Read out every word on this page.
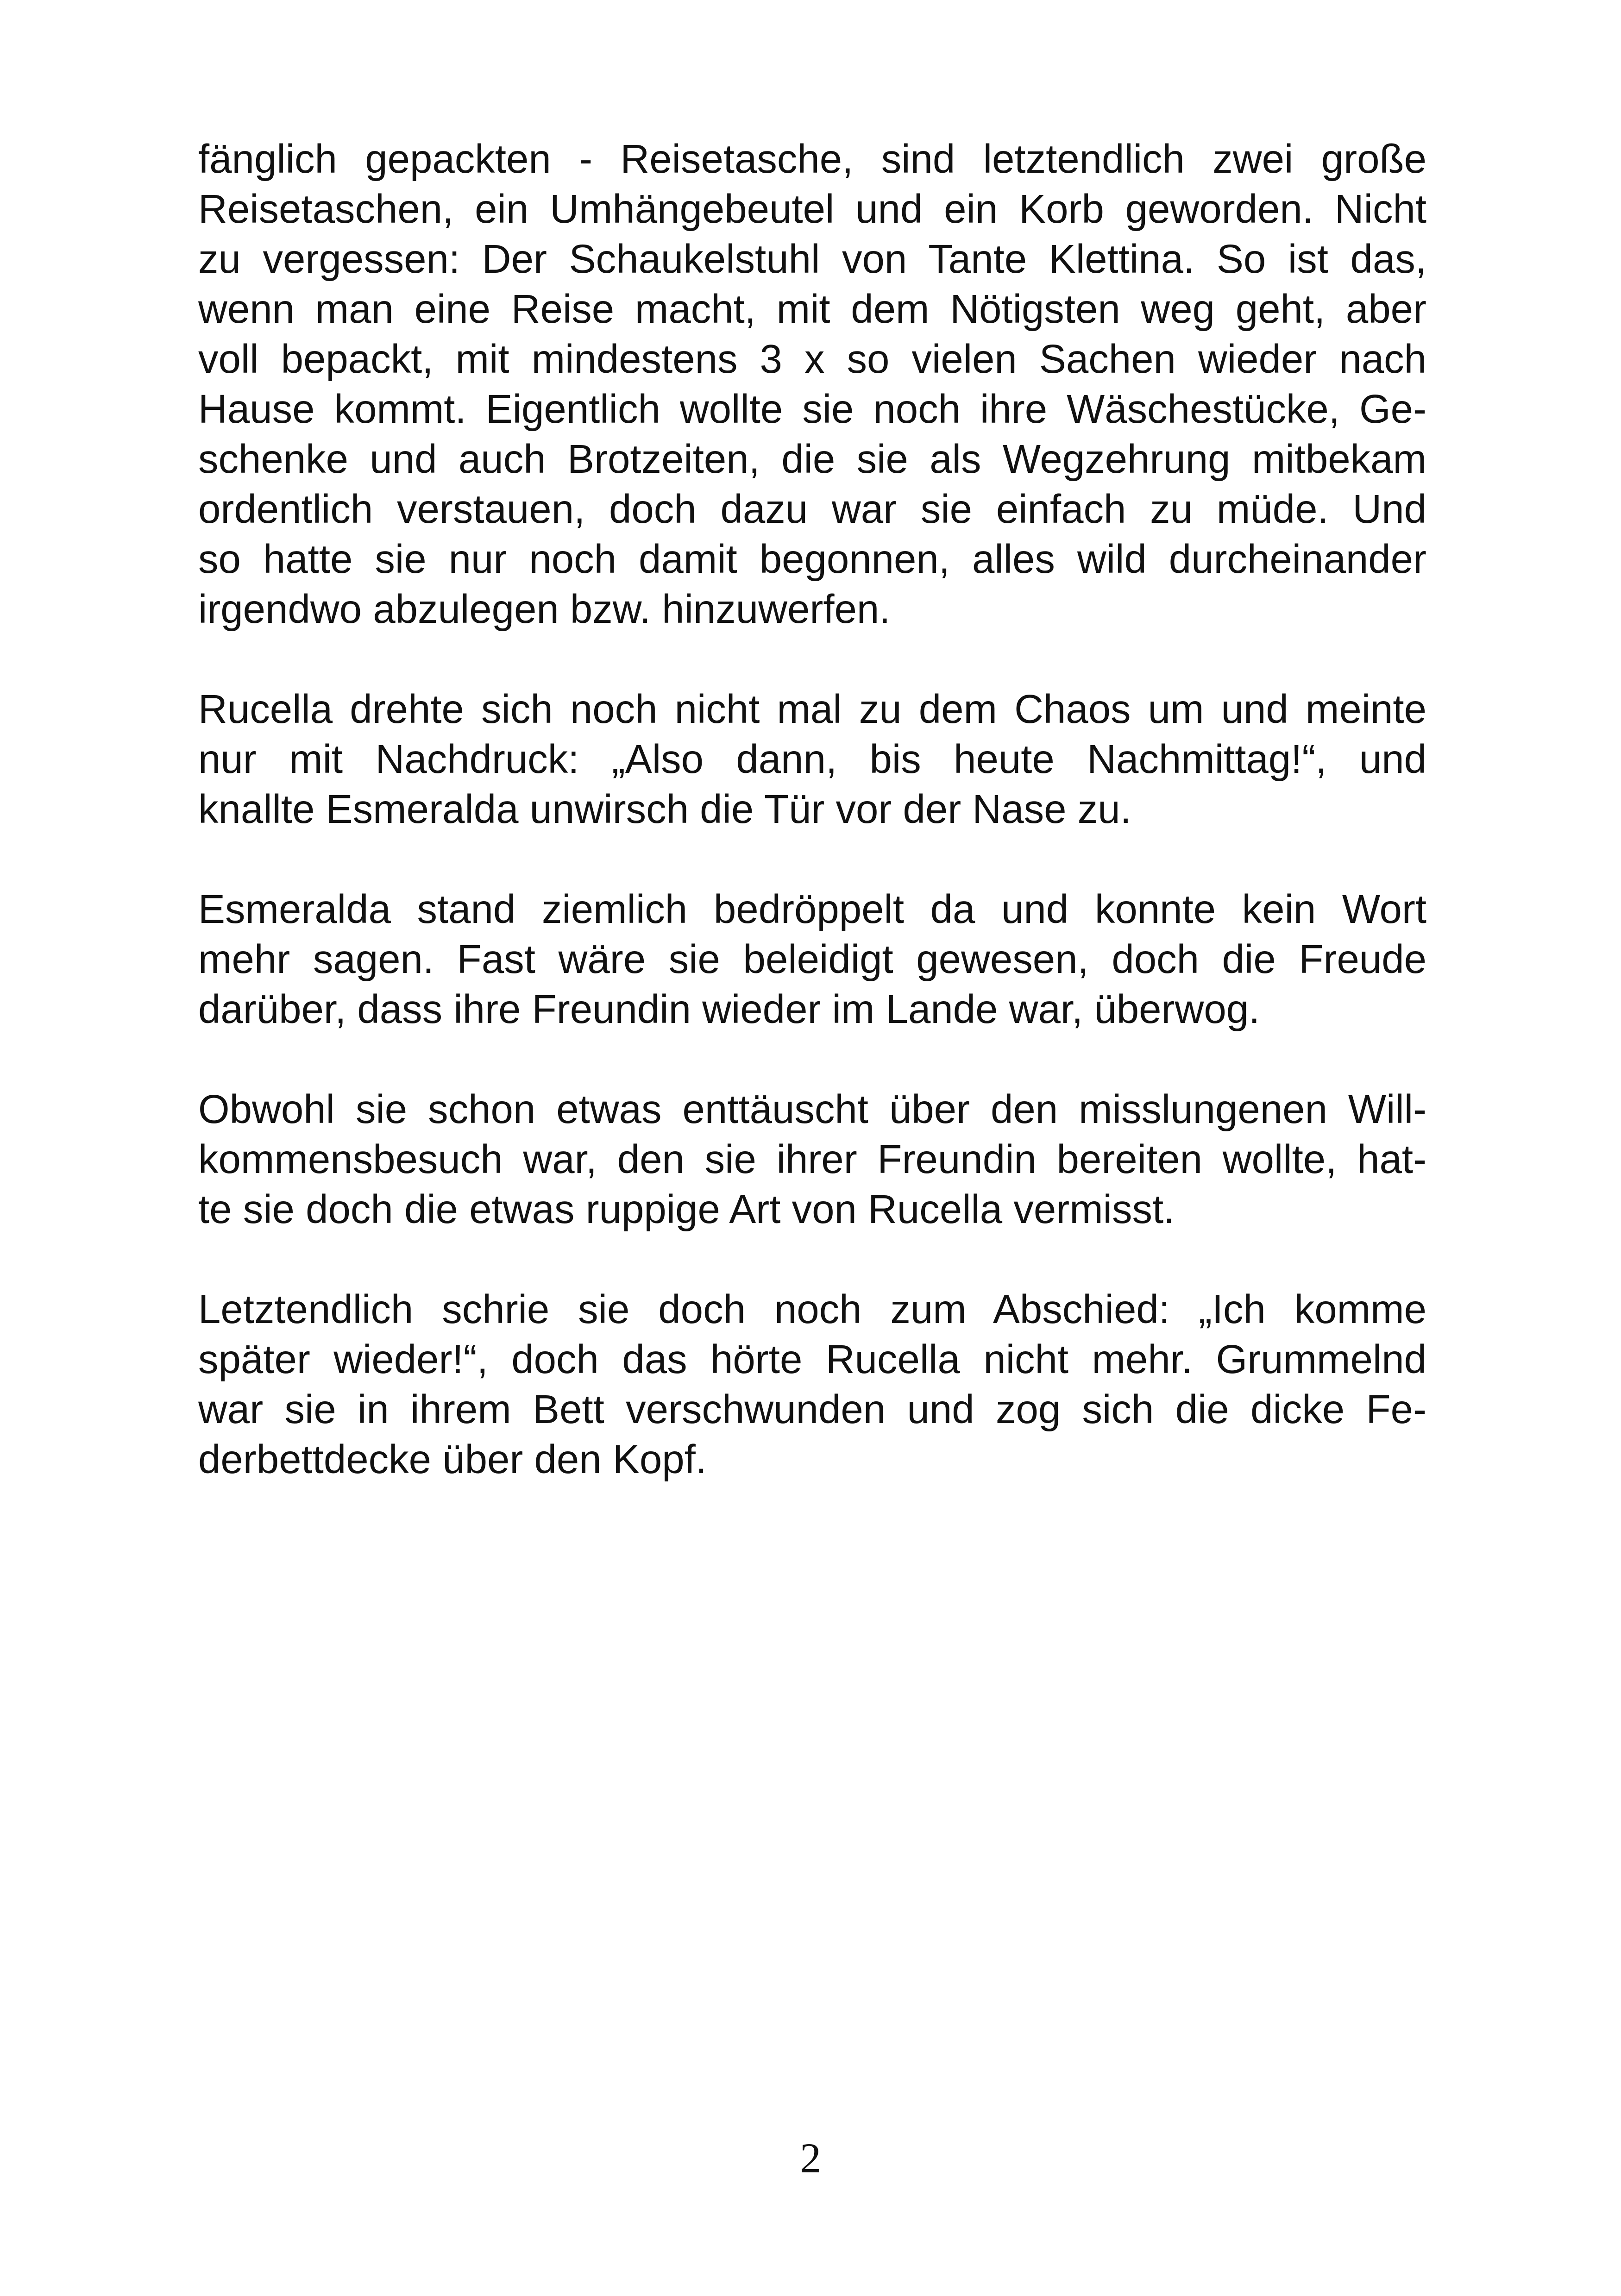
fänglich gepackten - Reisetasche, sind letztendlich zwei große
Reisetaschen, ein Umhängebeutel und ein Korb geworden. Nicht
zu vergessen: Der Schaukelstuhl von Tante Klettina. So ist das,
wenn man eine Reise macht, mit dem Nötigsten weg geht, aber
voll bepackt, mit mindestens 3 x so vielen Sachen wieder nach
Hause kommt. Eigentlich wollte sie noch ihre Wäschestücke, Ge-
schenke und auch Brotzeiten, die sie als Wegzehrung mitbekam
ordentlich verstauen, doch dazu war sie einfach zu müde. Und
so hatte sie nur noch damit begonnen, alles wild durcheinander
irgendwo abzulegen bzw. hinzuwerfen.

Rucella drehte sich noch nicht mal zu dem Chaos um und meinte
nur mit Nachdruck: „Also dann, bis heute Nachmittag!“, und
knallte Esmeralda unwirsch die Tür vor der Nase zu.

Esmeralda stand ziemlich bedröppelt da und konnte kein Wort
mehr sagen. Fast wäre sie beleidigt gewesen, doch die Freude
darüber, dass ihre Freundin wieder im Lande war, überwog.

Obwohl sie schon etwas enttäuscht über den misslungenen Will-
kommensbesuch war, den sie ihrer Freundin bereiten wollte, hat-
te sie doch die etwas ruppige Art von Rucella vermisst.

Letztendlich schrie sie doch noch zum Abschied: „Ich komme
später wieder!“, doch das hörte Rucella nicht mehr. Grummelnd
war sie in ihrem Bett verschwunden und zog sich die dicke Fe-
derbettdecke über den Kopf.

2
